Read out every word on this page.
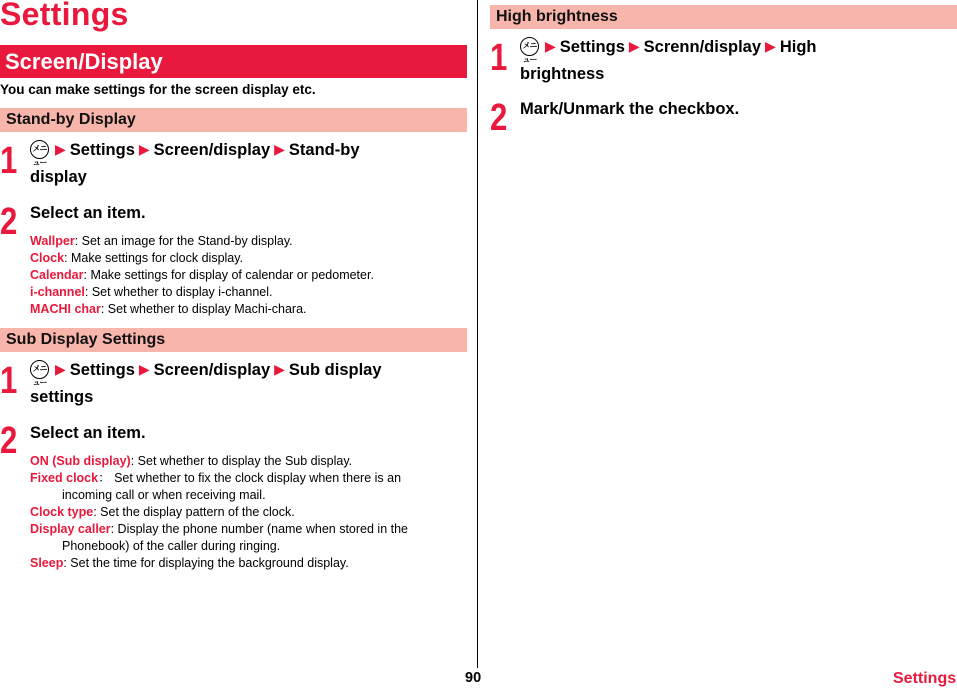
Settings
Screen/Display
You can make settings for the screen display etc.
Stand-by Display
1 メニュー
▶ Settings ▶ Screen/display ▶ Stand-by
display
2 Select an item.
Wallper: Set an image for the Stand-by display.
Clock: Make settings for clock display.
Calendar: Make settings for display of calendar or pedometer.
i-channel: Set whether to display i-channel.
MACHI char: Set whether to display Machi-chara.
Sub Display Settings
1 メニュー
▶ Settings ▶ Screen/display ▶ Sub display
settings
2 Select an item.
ON (Sub display): Set whether to display the Sub display.
Fixed clock： Set whether to fix the clock display when there is an
incoming call or when receiving mail.
Clock type: Set the display pattern of the clock.
Display caller: Display the phone number (name when stored in the
Phonebook) of the caller during ringing.
Sleep: Set the time for displaying the background display.
High brightness
1 メニュー
▶ Settings ▶ Screnn/display ▶ High
brightness
2 Mark/Unmark the checkbox.
90	Settings
